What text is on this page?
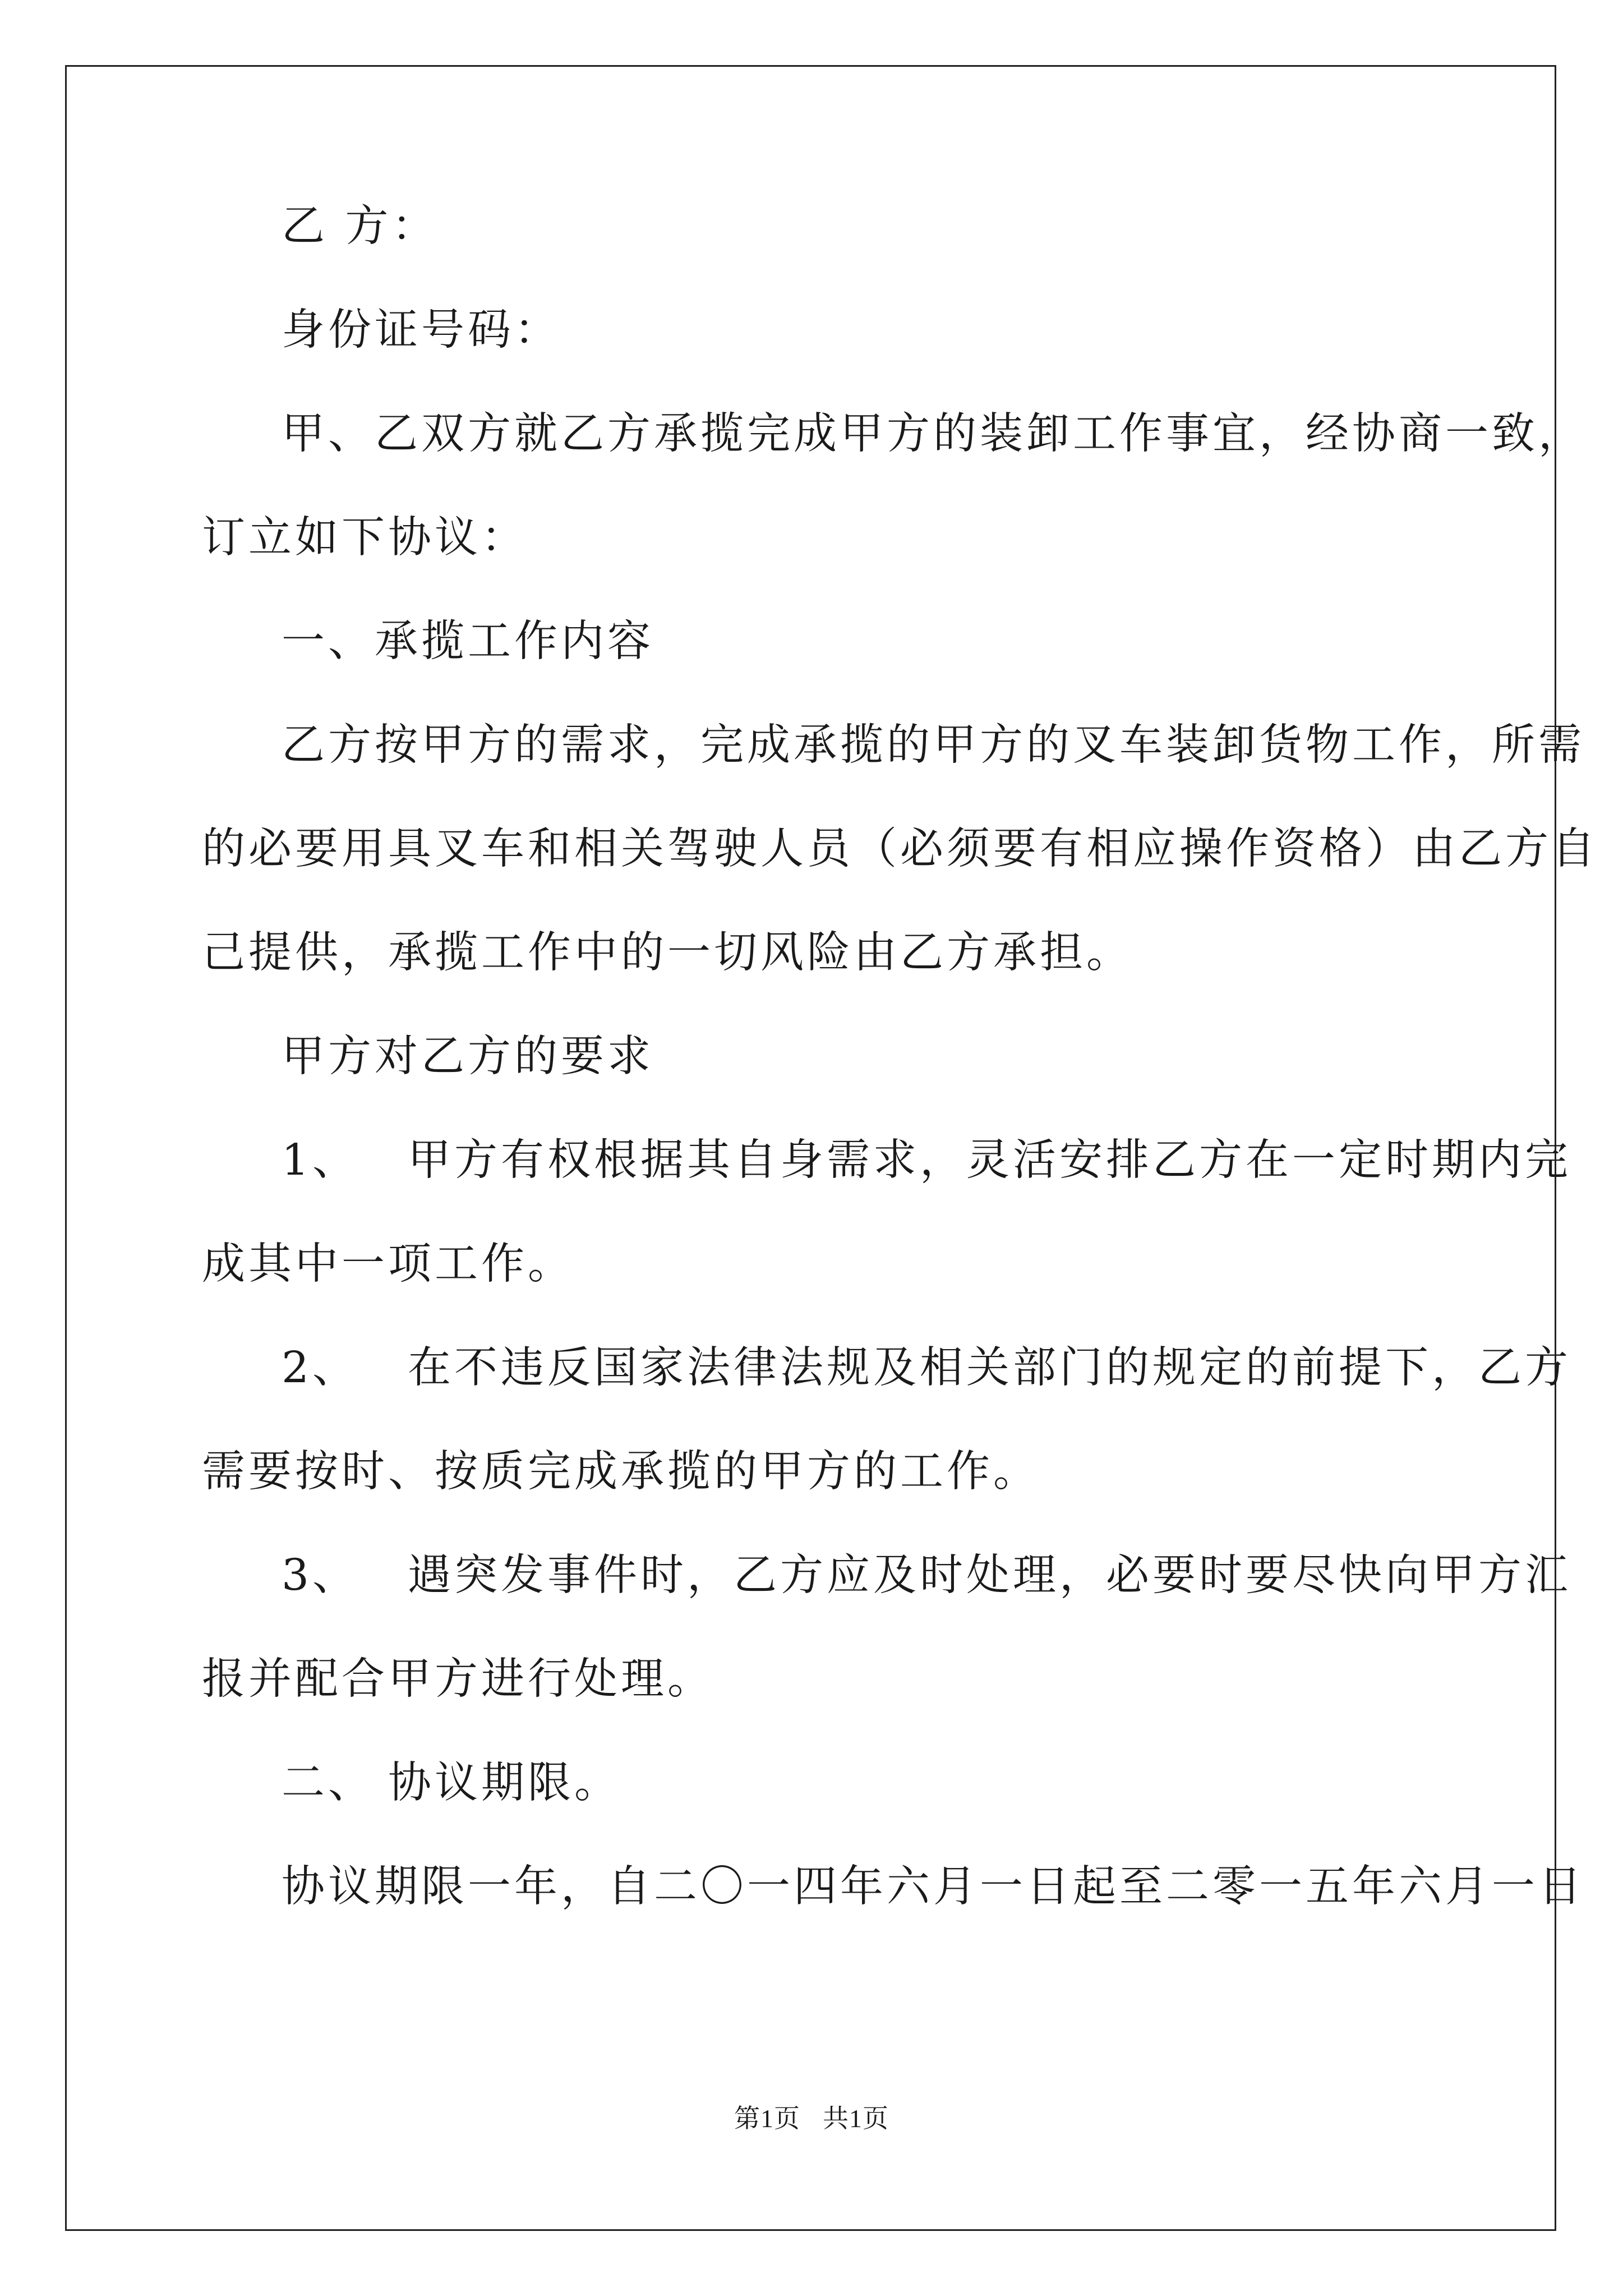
乙 方：
身份证号码：
甲、乙双方就乙方承揽完成甲方的装卸工作事宜，经协商一致，
订立如下协议：
一、承揽工作内容
乙方按甲方的需求，完成承揽的甲方的叉车装卸货物工作，所需
的必要用具叉车和相关驾驶人员（必须要有相应操作资格）由乙方自
己提供，承揽工作中的一切风险由乙方承担。
甲方对乙方的要求
1、 甲方有权根据其自身需求，灵活安排乙方在一定时期内完
成其中一项工作。
2、 在不违反国家法律法规及相关部门的规定的前提下，乙方
需要按时、按质完成承揽的甲方的工作。
3、 遇突发事件时，乙方应及时处理，必要时要尽快向甲方汇
报并配合甲方进行处理。
二、 协议期限。
协议期限一年，自二〇一四年六月一日起至二零一五年六月一日
第1页 共1页
